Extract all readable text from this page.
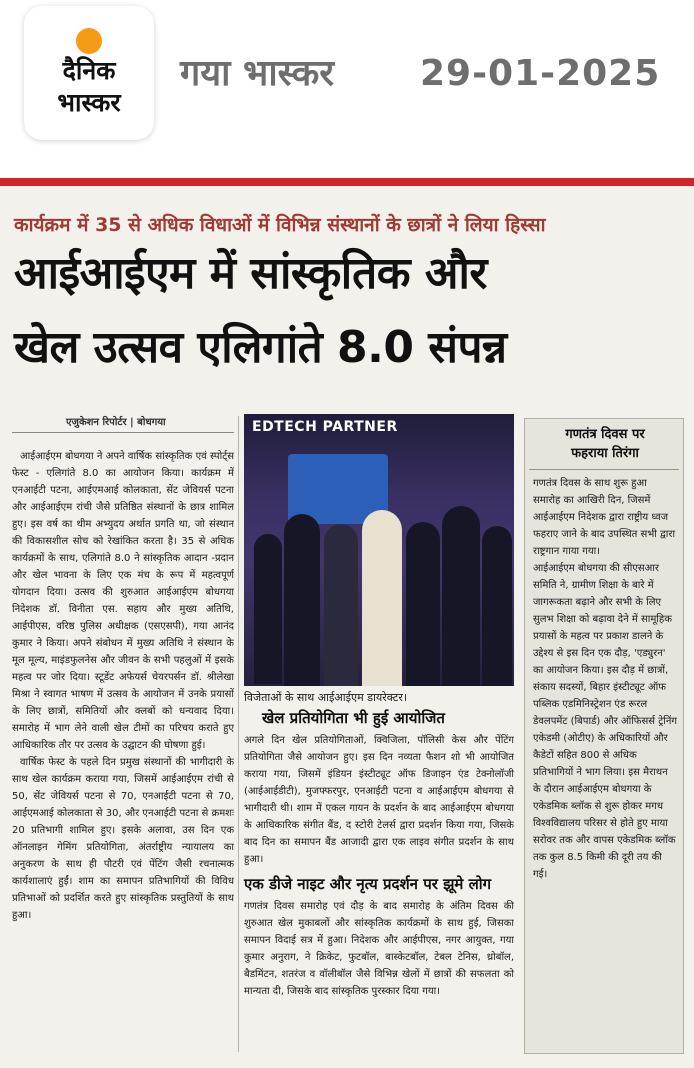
दैनिक
भास्कर
गया भास्कर 29-01-2025
कार्यक्रम में 35 से अधिक विधाओं में विभिन्न संस्थानों के छात्रों ने लिया हिस्सा
आईआईएम में सांस्कृतिक और
खेल उत्सव एलिगांते 8.0 संपन्न
एजुकेशन रिपोर्टर | बोधगया

आईआईएम बोधगया ने अपने वार्षिक सांस्कृतिक एवं स्पोर्ट्स फेस्ट - एलिगांते 8.0 का आयोजन किया। कार्यक्रम में एनआईटी पटना, आईएमआई कोलकाता, सेंट जेवियर्स पटना और आईआईएम रांची जैसे प्रतिष्ठित संस्थानों के छात्र शामिल हुए। इस वर्ष का थीम अभ्युदय अर्थात प्रगति था, जो संस्थान की विकासशील सोच को रेखांकित करता है। 35 से अधिक कार्यक्रमों के साथ, एलिगांते 8.0 ने सांस्कृतिक आदान -प्रदान और खेल भावना के लिए एक मंच के रूप में महत्वपूर्ण योगदान दिया। उत्सव की शुरुआत आईआईएम बोधगया निदेशक डॉ. विनीता एस. सहाय और मुख्य अतिथि, आईपीएस, वरिष्ठ पुलिस अधीक्षक (एसएसपी), गया आनंद कुमार ने किया। अपने संबोधन में मुख्य अतिथि ने संस्थान के मूल मूल्य, माइंडफुलनेस और जीवन के सभी पहलुओं में इसके महत्व पर जोर दिया। स्टूडेंट अफेयर्स चेयरपर्सन डॉ. श्रीलेखा मिश्रा ने स्वागत भाषण में उत्सव के आयोजन में उनके प्रयासों के लिए छात्रों, समितियों और क्लबों को धन्यवाद दिया। समारोह में भाग लेने वाली खेल टीमों का परिचय कराते हुए आधिकारिक तौर पर उत्सव के उद्घाटन की घोषणा हुई।

वार्षिक फेस्ट के पहले दिन प्रमुख संस्थानों की भागीदारी के साथ खेल कार्यक्रम कराया गया, जिसमें आईआईएम रांची से 50, सेंट जेवियर्स पटना से 70, एनआईटी पटना से 70, आईएमआई कोलकाता से 30, और एनआईटी पटना से क्रमशः 20 प्रतिभागी शामिल हुए। इसके अलावा, उस दिन एक ऑनलाइन गेमिंग प्रतियोगिता, अंतर्राष्ट्रीय न्यायालय का अनुकरण के साथ ही पौटरी एवं पेंटिंग जैसी रचनात्मक कार्यशालाएं हुईं। शाम का समापन प्रतिभागियों की विविध प्रतिभाओं को प्रदर्शित करते हुए सांस्कृतिक प्रस्तुतियों के साथ हुआ।

EDTECH PARTNER
विजेताओं के साथ आईआईएम डायरेक्टर।
खेल प्रतियोगिता भी हुई आयोजित
अगले दिन खेल प्रतियोगिताओं, क्विजिला, पॉलिसी केस और पेंटिंग प्रतियोगिता जैसे आयोजन हुए। इस दिन नव्यता फैशन शो भी आयोजित कराया गया, जिसमें इंडियन इंस्टीट्यूट ऑफ डिजाइन एंड टेक्नोलॉजी (आईआईडीटी), मुजफ्फरपुर, एनआईटी पटना व आईआईएम बोधगया से भागीदारी थी। शाम में एकल गायन के प्रदर्शन के बाद आईआईएम बोधगया के आधिकारिक संगीत बैंड, द स्टोरी टेलर्स द्वारा प्रदर्शन किया गया, जिसके बाद दिन का समापन बैंड आजादी द्वारा एक लाइव संगीत प्रदर्शन के साथ हुआ।
एक डीजे नाइट और नृत्य प्रदर्शन पर झूमे लोग
गणतंत्र दिवस समारोह एवं दौड़ के बाद समारोह के अंतिम दिवस की शुरुआत खेल मुकाबलों और सांस्कृतिक कार्यक्रमों के साथ हुई, जिसका समापन विदाई सत्र में हुआ। निदेशक और आईपीएस, नगर आयुक्त, गया कुमार अनुराग, ने क्रिकेट, फुटबॉल, बास्केटबॉल, टेबल टेनिस, थ्रोबॉल, बैडमिंटन, शतरंज व वॉलीबॉल जैसे विभिन्न खेलों में छात्रों की सफलता को मान्यता दी, जिसके बाद सांस्कृतिक पुरस्कार दिया गया।
गणतंत्र दिवस पर
फहराया तिरंगा

गणतंत्र दिवस के साथ शुरू हुआ समारोह का आखिरी दिन, जिसमें आईआईएम निदेशक द्वारा राष्ट्रीय ध्वज फहराए जाने के बाद उपस्थित सभी द्वारा राष्ट्रगान गाया गया।

आईआईएम बोधगया की सीएसआर समिति ने, ग्रामीण शिक्षा के बारे में जागरूकता बढ़ाने और सभी के लिए सुलभ शिक्षा को बढ़ावा देने में सामूहिक प्रयासों के महत्व पर प्रकाश डालने के उद्देश्य से इस दिन एक दौड़, 'एड्युरन' का आयोजन किया। इस दौड़ में छात्रों, संकाय सदस्यों, बिहार इंस्टीट्यूट ऑफ पब्लिक एडमिनिस्ट्रेशन एंड रूरल डेवलपमेंट (बिपार्ड) और ऑफिसर्स ट्रेनिंग एकेडमी (ओटीए) के अधिकारियों और कैडेटों सहित 800 से अधिक प्रतिभागियों ने भाग लिया। इस मैराथन के दौरान आईआईएम बोधगया के एकेडमिक ब्लॉक से शुरू होकर मगध विश्वविद्यालय परिसर से होते हुए माया सरोवर तक और वापस एकेडमिक ब्लॉक तक कुल 8.5 किमी की दूरी तय की गई।
